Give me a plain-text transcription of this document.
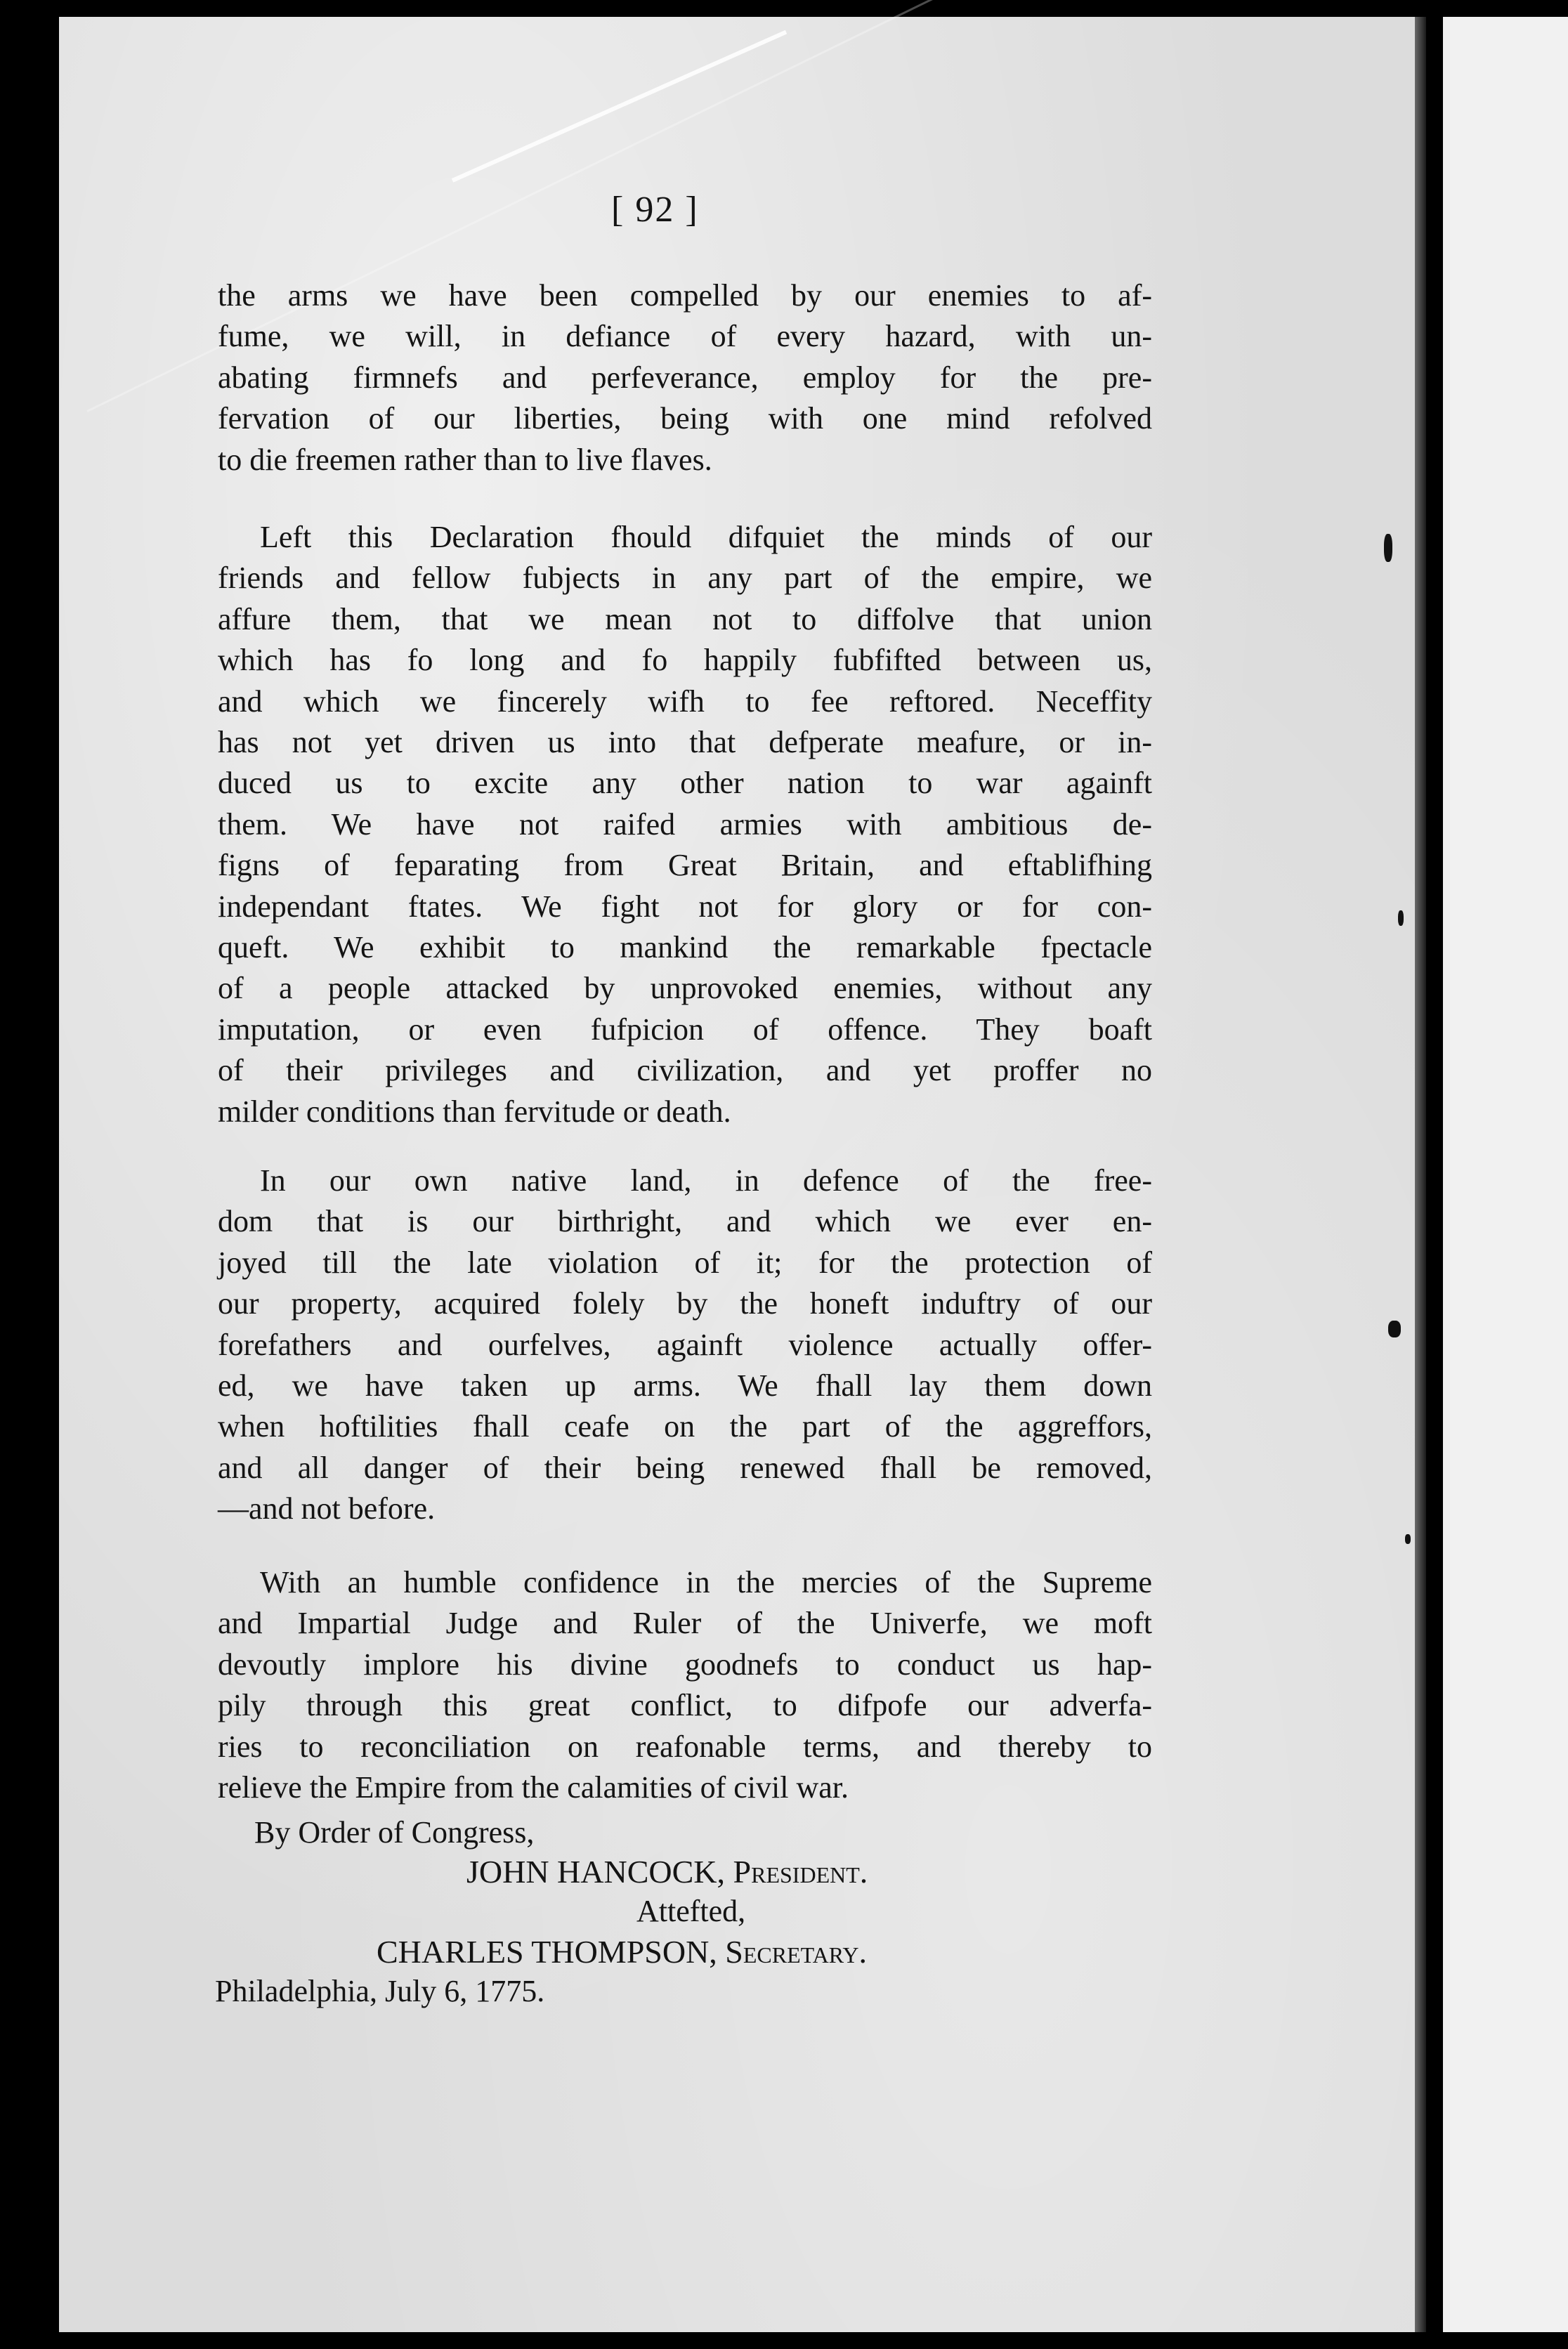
[ 92 ]

the arms we have been compelled by our enemies to af-
fume, we will, in defiance of every hazard, with un-
abating firmnefs and perfeverance, employ for the pre-
fervation of our liberties, being with one mind refolved
to die freemen rather than to live flaves.
Left this Declaration fhould difquiet the minds of our
friends and fellow fubjects in any part of the empire, we
affure them, that we mean not to diffolve that union
which has fo long and fo happily fubfifted between us,
and which we fincerely wifh to fee reftored. Neceffity
has not yet driven us into that defperate meafure, or in-
duced us to excite any other nation to war againft
them. We have not raifed armies with ambitious de-
figns of feparating from Great Britain, and eftablifhing
independant ftates. We fight not for glory or for con-
queft. We exhibit to mankind the remarkable fpectacle
of a people attacked by unprovoked enemies, without any
imputation, or even fufpicion of offence. They boaft
of their privileges and civilization, and yet proffer no
milder conditions than fervitude or death.
In our own native land, in defence of the free-
dom that is our birthright, and which we ever en-
joyed till the late violation of it; for the protection of
our property, acquired folely by the honeft induftry of our
forefathers and ourfelves, againft violence actually offer-
ed, we have taken up arms. We fhall lay them down
when hoftilities fhall ceafe on the part of the aggreffors,
and all danger of their being renewed fhall be removed,
—and not before.
With an humble confidence in the mercies of the Supreme
and Impartial Judge and Ruler of the Univerfe, we moft
devoutly implore his divine goodnefs to conduct us hap-
pily through this great conflict, to difpofe our adverfa-
ries to reconciliation on reafonable terms, and thereby to
relieve the Empire from the calamities of civil war.

By Order of Congress,

JOHN HANCOCK, President.

Attefted,

CHARLES THOMPSON, Secretary.

Philadelphia, July 6, 1775.
